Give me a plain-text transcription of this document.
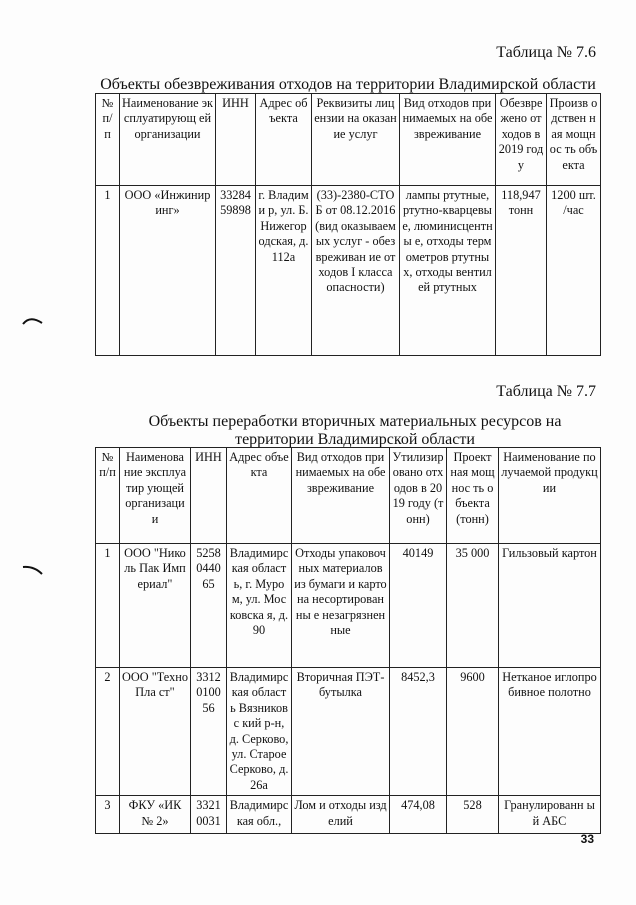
Таблица № 7.6
Объекты обезвреживания отходов на территории Владимирской области
№ п/ п	Наименование эксплуатирующ ей организации	ИНН	Адрес объекта	Реквизиты лицензии на оказание услуг	Вид отходов принимаемых на обезвреживание	Обезвре жено отходов в 2019 году	Произв одствен ная мощнос ть объекта
1	ООО «Инжиниринг»	33284 59898	г. Владими р, ул. Б. Нижегор одская, д. 112а	(33)-2380-СТОБ от 08.12.2016 (вид оказываемых услуг - обезвреживан ие отходов I класса опасности)	лампы ртутные, ртутно-кварцевые, люминисцентны е, отходы термометров ртутных, отходы вентилей ртутных	118,947 тонн	1200 шт. /час
Таблица № 7.7
Объекты переработки вторичных материальных ресурсов на территории Владимирской области
№ п/п	Наименова ние эксплуатир ующей организаци и	ИНН	Адрес объекта	Вид отходов принимаемых на обезвреживание	Утилизир овано отходов в 2019 году (тонн)	Проект ная мощнос ть объекта (тонн)	Наименование получаемой продукции
1	ООО "Николь Пак Империал"	5258 0440 65	Владимирс кая область, г. Муром, ул. Московска я, д. 90	Отходы упаковочных материалов из бумаги и картона несортированны е незагрязненные	40149	35 000	Гильзовый картон
2	ООО "ТехноПла ст"	3312 0100 56	Владимирс кая область Вязниковс кий р-н, д. Серково, ул. Старое Серково, д. 26а	Вторичная ПЭТ-бутылка	8452,3	9600	Нетканое иглопробивное полотно
3	ФКУ «ИК № 2»	3321 0031	Владимирс кая обл.,	Лом и отходы изделий	474,08	528	Гранулированн ый АБС
33
